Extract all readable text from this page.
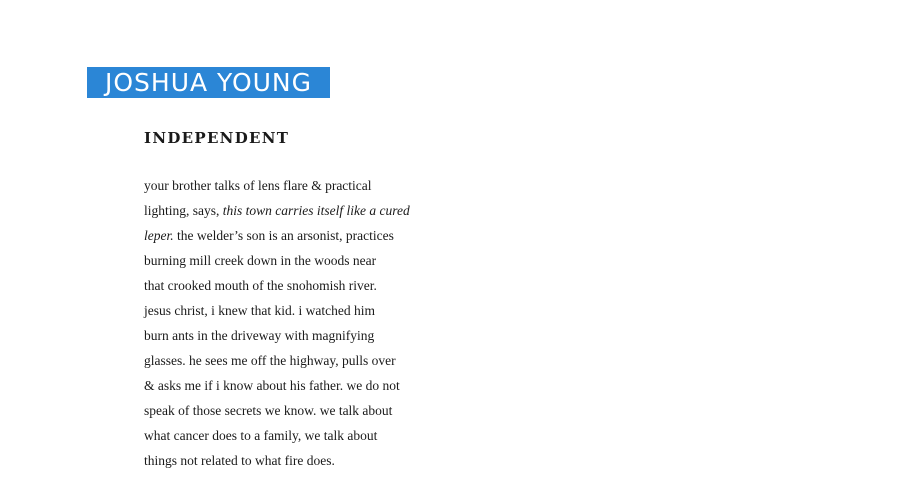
JOSHUA YOUNG
INDEPENDENT
your brother talks of lens flare & practical
lighting, says, this town carries itself like a cured
leper. the welder’s son is an arsonist, practices
burning mill creek down in the woods near
that crooked mouth of the snohomish river.
jesus christ, i knew that kid. i watched him
burn ants in the driveway with magnifying
glasses. he sees me off the highway, pulls over
& asks me if i know about his father. we do not
speak of those secrets we know. we talk about
what cancer does to a family, we talk about
things not related to what fire does.
